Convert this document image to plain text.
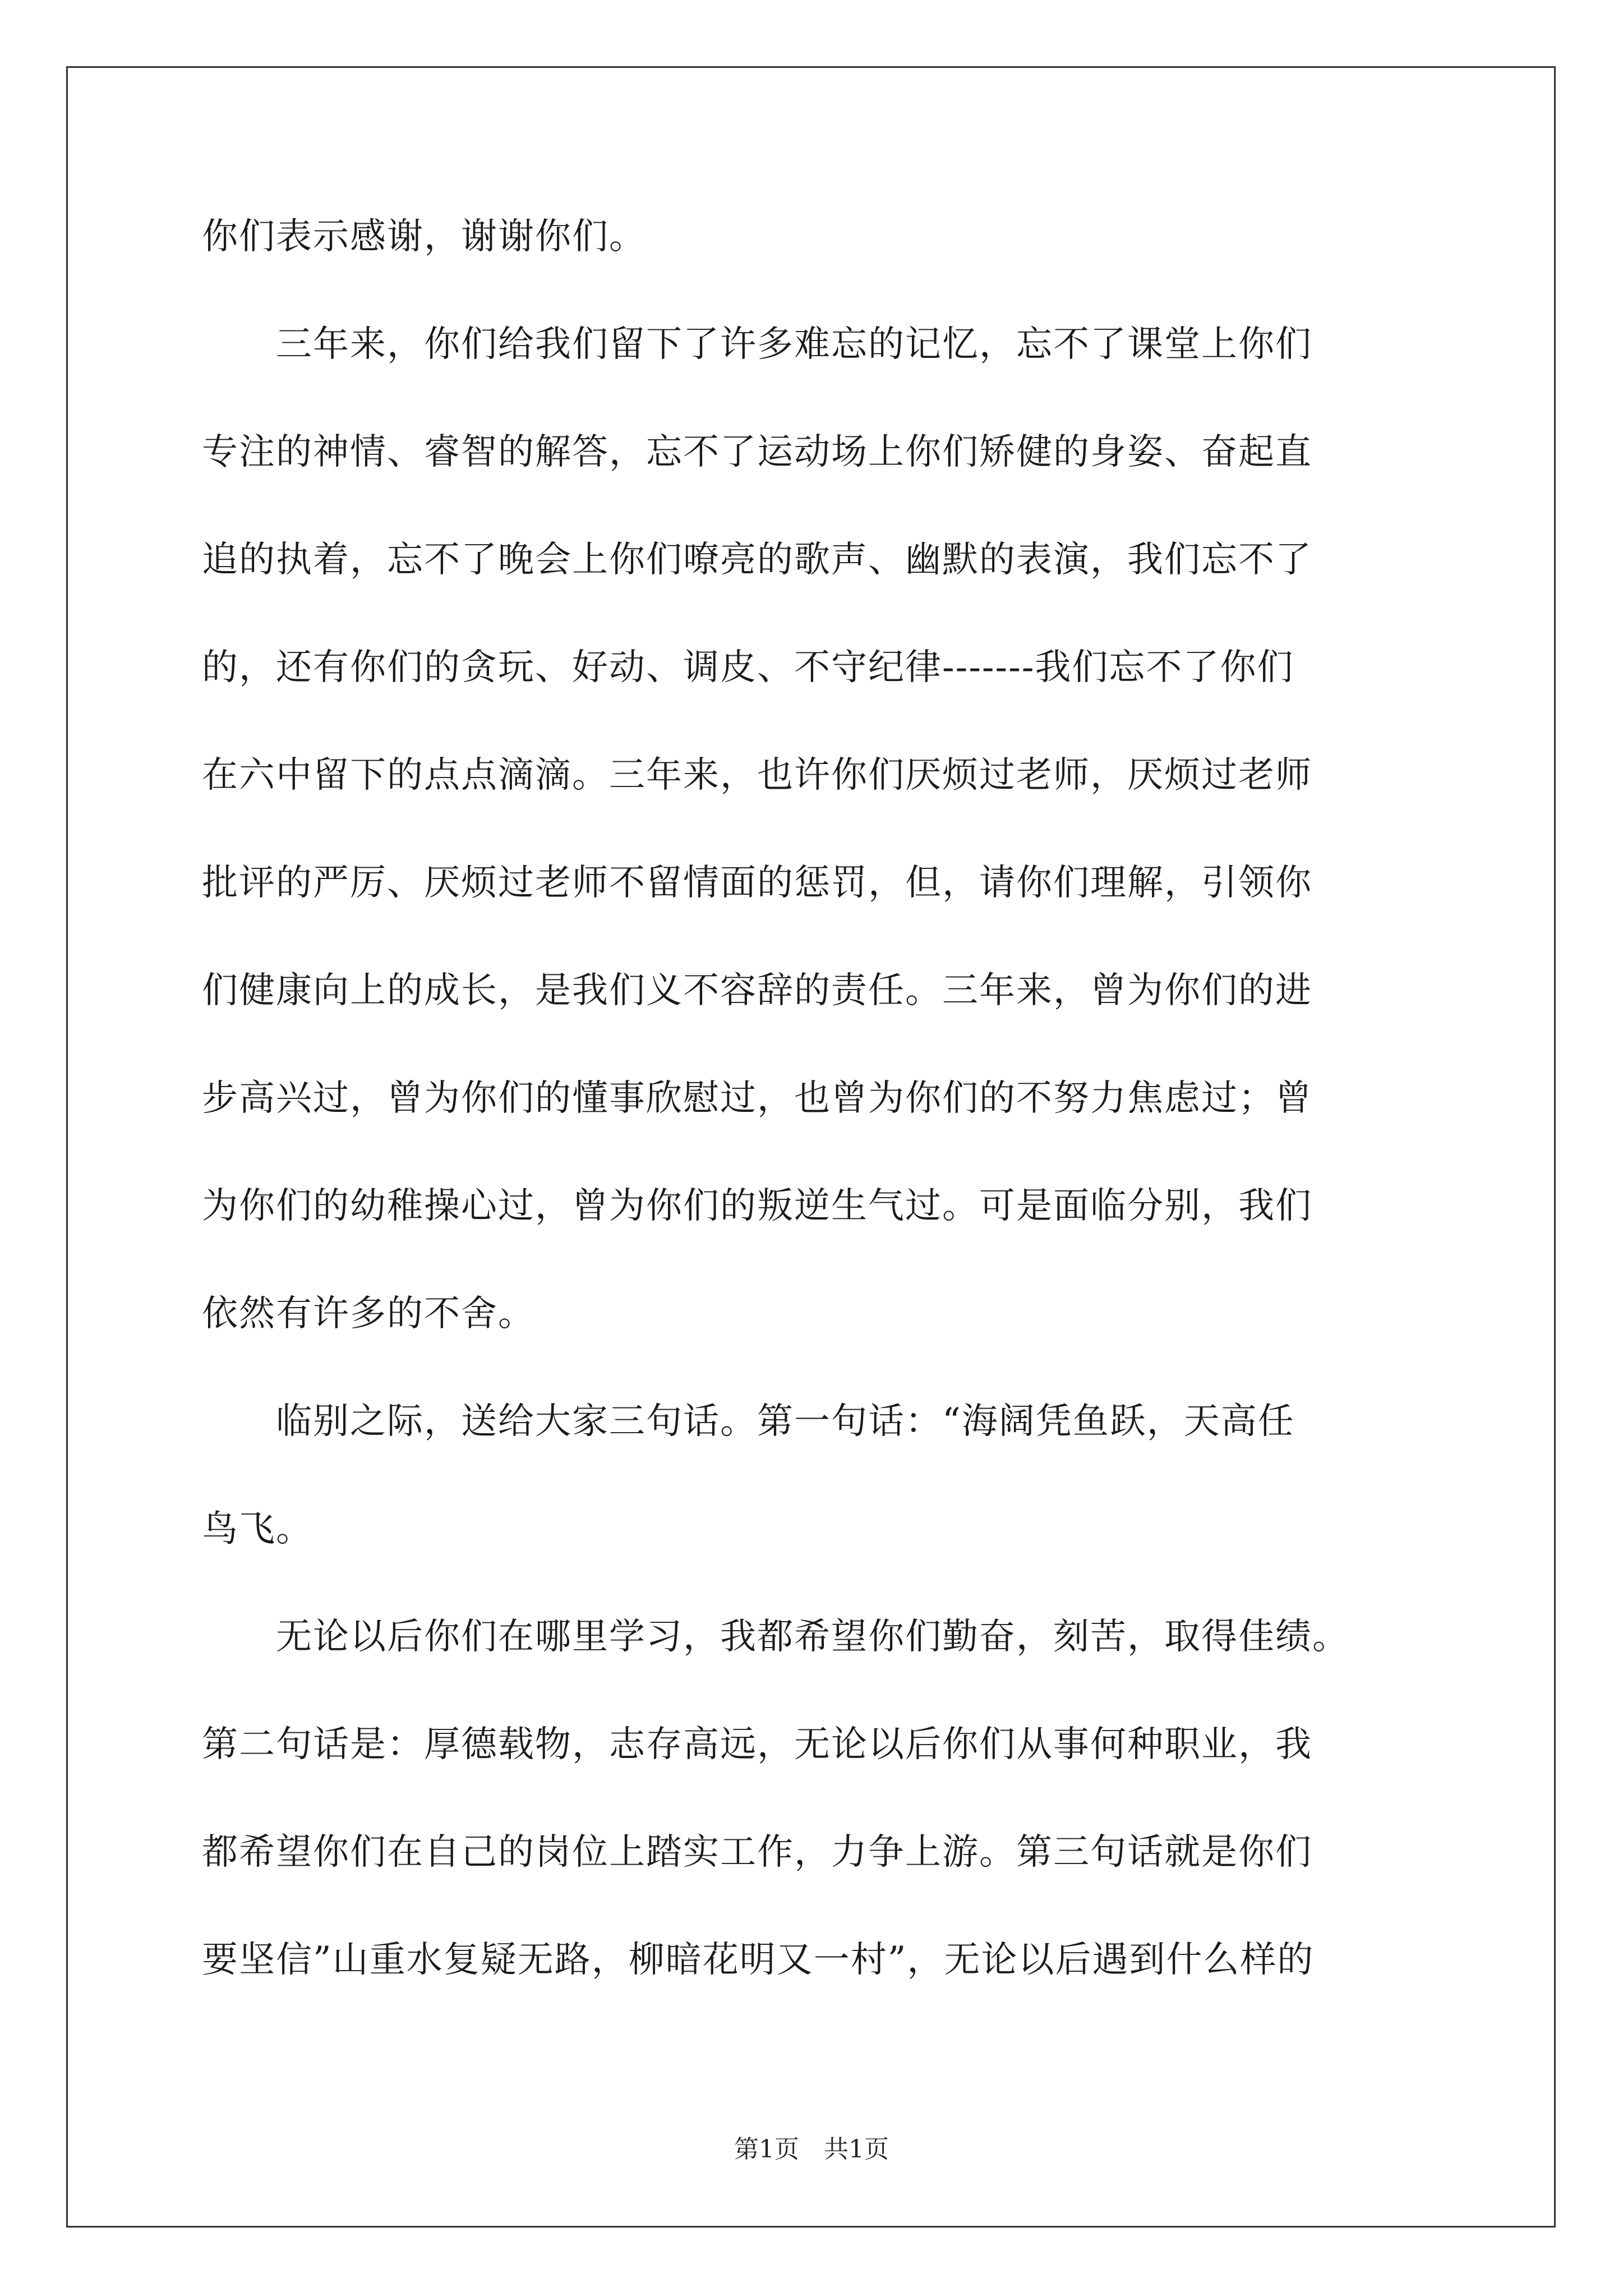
你们表示感谢，谢谢你们。
　　三年来，你们给我们留下了许多难忘的记忆，忘不了课堂上你们
专注的神情、睿智的解答，忘不了运动场上你们矫健的身姿、奋起直
追的执着，忘不了晚会上你们嘹亮的歌声、幽默的表演，我们忘不了
的，还有你们的贪玩、好动、调皮、不守纪律-------我们忘不了你们
在六中留下的点点滴滴。三年来，也许你们厌烦过老师，厌烦过老师
批评的严厉、厌烦过老师不留情面的惩罚，但，请你们理解，引领你
们健康向上的成长，是我们义不容辞的责任。三年来，曾为你们的进
步高兴过，曾为你们的懂事欣慰过，也曾为你们的不努力焦虑过；曾
为你们的幼稚操心过，曾为你们的叛逆生气过。可是面临分别，我们
依然有许多的不舍。
　　临别之际，送给大家三句话。第一句话：“海阔凭鱼跃，天高任
鸟飞。
　　无论以后你们在哪里学习，我都希望你们勤奋，刻苦，取得佳绩。
第二句话是：厚德载物，志存高远，无论以后你们从事何种职业，我
都希望你们在自己的岗位上踏实工作，力争上游。第三句话就是你们
要坚信”山重水复疑无路，柳暗花明又一村”，无论以后遇到什么样的
第1页　共1页
